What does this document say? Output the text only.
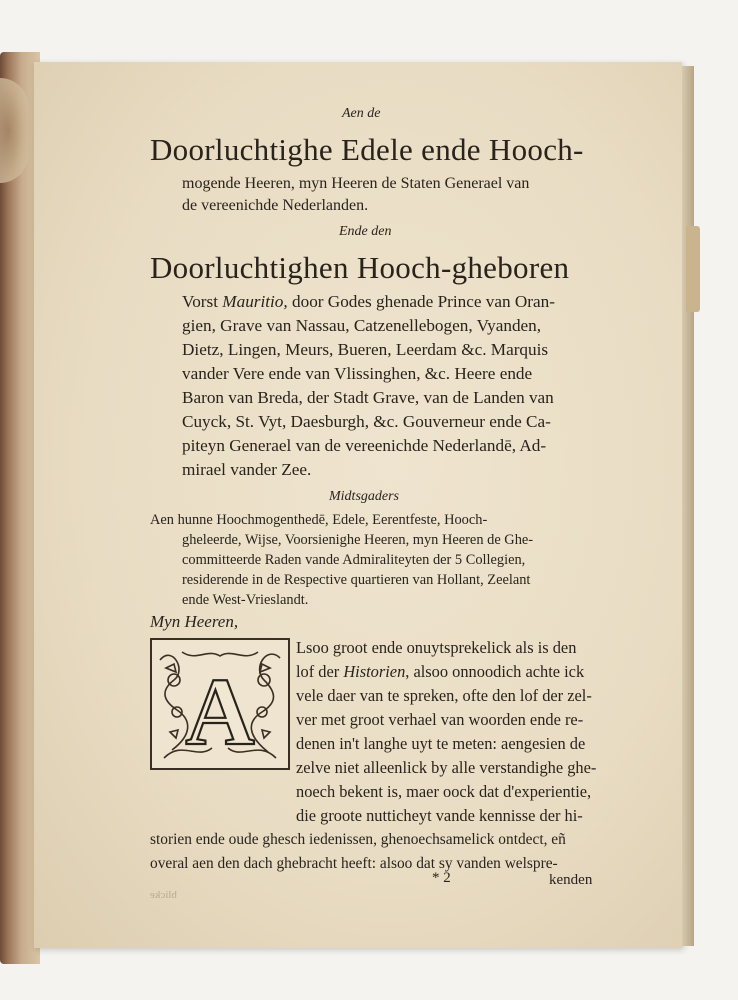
Aen de

Doorluchtighe Edele ende Hooch-

mogende Heeren, myn Heeren de Staten Generael van

de vereenichde Nederlanden.

Ende den

Doorluchtighen Hooch-gheboren

Vorst Mauritio, door Godes ghenade Prince van Oran-

gien, Grave van Nassau, Catzenellebogen, Vyanden,

Dietz, Lingen, Meurs, Bueren, Leerdam &c. Marquis

vander Vere ende van Vlissinghen, &c. Heere ende

Baron van Breda, der Stadt Grave, van de Landen van

Cuyck, St. Vyt, Daesburgh, &c. Gouverneur ende Ca-

piteyn Generael van de vereenichde Nederlandē, Ad-

mirael vander Zee.

Midtsgaders

Aen hunne Hoochmogenthedē, Edele, Eerentfeste, Hooch-

gheleerde, Wijse, Voorsienighe Heeren, myn Heeren de Ghe-

committeerde Raden vande Admiraliteyten der 5 Collegien,

residerende in de Respective quartieren van Hollant, Zeelant

ende West-Vrieslandt.

Myn Heeren,

A

Lsoo groot ende onuytsprekelick als is den

lof der Historien, alsoo onnoodich achte ick

vele daer van te spreken, ofte den lof der zel-

ver met groot verhael van woorden ende re-

denen in't langhe uyt te meten: aengesien de

zelve niet alleenlick by alle verstandighe ghe-

noech bekent is, maer oock dat d'experientie,

die groote nutticheyt vande kennisse der hi-

storien ende oude ghesch iedenissen, ghenoechsamelick ontdect, eñ

overal aen den dach ghebracht heeft: alsoo dat sy vanden welspre-

blicke

* 2	kenden
